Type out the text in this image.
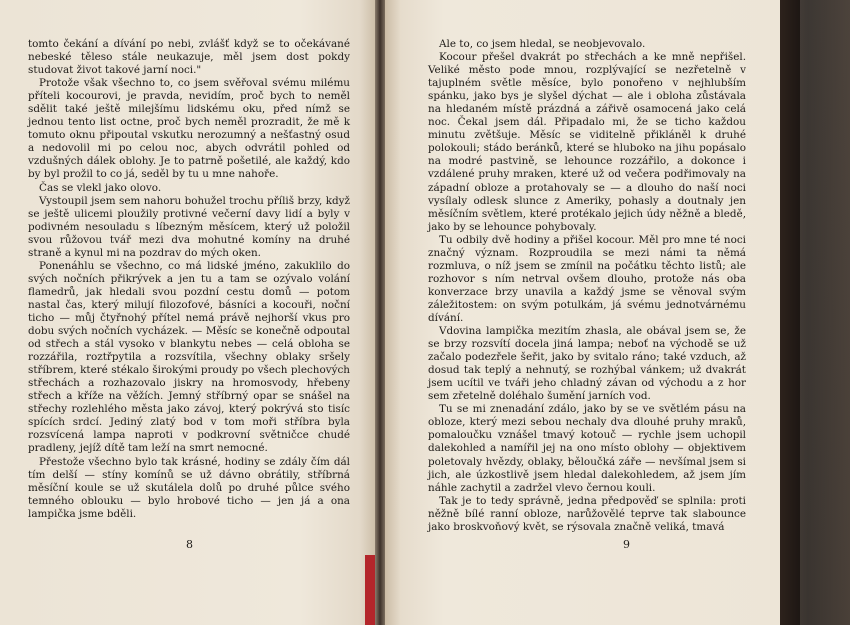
tomto čekání a dívání po nebi, zvlášť když se to očekávané nebeské těleso stále neukazuje, měl jsem dost pokdy studovat život takové jarní noci."

Protože však všechno to, co jsem svěřoval svému milému příteli kocourovi, je pravda, nevidím, proč bych to neměl sdělit také ještě milejšímu lidskému oku, před nímž se jednou tento list octne, proč bych neměl prozradit, že mě k tomuto oknu připoutal vskutku nerozumný a nešťastný osud a nedovolil mi po celou noc, abych odvrátil pohled od vzdušných dálek oblohy. Je to patrně pošetilé, ale každý, kdo by byl prožil to co já, seděl by tu u mne nahoře.

Čas se vlekl jako olovo.

Vystoupil jsem sem nahoru bohužel trochu příliš brzy, když se ještě ulicemi ploužily protivné večerní davy lidí a byly v podivném nesouladu s líbezným měsícem, který už položil svou růžovou tvář mezi dva mohutné komíny na druhé straně a kynul mi na pozdrav do mých oken.

Ponenáhlu se všechno, co má lidské jméno, zakuklilo do svých nočních přikrývek a jen tu a tam se ozývalo volání flamedrů, jak hledali svou pozdní cestu domů — potom nastal čas, který milují filozofové, básníci a kocouři, noční ticho — můj čtyřnohý přítel nemá právě nejhorší vkus pro dobu svých nočních vycházek. — Měsíc se konečně odpoutal od střech a stál vysoko v blankytu nebes — celá obloha se rozzářila, roztřpytila a rozsvítila, všechny oblaky sršely stříbrem, které stékalo širokými proudy po všech plechových střechách a rozhazovalo jiskry na hromosvody, hřebeny střech a kříže na věžích. Jemný stříbrný opar se snášel na střechy rozlehlého města jako závoj, který pokrývá sto tisíc spících srdcí. Jediný zlatý bod v tom moři stříbra byla rozsvícená lampa naproti v podkrovní světničce chudé pradleny, jejíž dítě tam leží na smrt nemocné.

Přestože všechno bylo tak krásné, hodiny se zdály čím dál tím delší — stíny komínů se už dávno obrátily, stříbrná měsíční koule se už skutálela dolů po druhé půlce svého temného oblouku — bylo hrobové ticho — jen já a ona lampička jsme bděli.

8

Ale to, co jsem hledal, se neobjevovalo.

Kocour přešel dvakrát po střechách a ke mně nepřišel. Veliké město pode mnou, rozplývající se nezřetelně v tajuplném světle měsíce, bylo ponořeno v nejhlubším spánku, jako bys je slyšel dýchat — ale i obloha zůstávala na hledaném místě prázdná a zářivě osamocená jako celá noc. Čekal jsem dál. Připadalo mi, že se ticho každou minutu zvětšuje. Měsíc se viditelně přikláněl k druhé polokouli; stádo beránků, které se hluboko na jihu popásalo na modré pastvině, se lehounce rozzářilo, a dokonce i vzdálené pruhy mraken, které už od večera podřimovaly na západní obloze a protahovaly se — a dlouho do naší noci vysílaly odlesk slunce z Ameriky, pohasly a doutnaly jen měsíčním světlem, které protékalo jejich údy něžně a bledě, jako by se lehounce pohybovaly.

Tu odbily dvě hodiny a přišel kocour. Měl pro mne té noci značný význam. Rozproudila se mezi námi ta němá rozmluva, o níž jsem se zmínil na počátku těchto listů; ale rozhovor s ním netrval ovšem dlouho, protože nás oba konverzace brzy unavila a každý jsme se věnoval svým záležitostem: on svým potulkám, já svému jednotvárnému dívání.

Vdovina lampička mezitím zhasla, ale obával jsem se, že se brzy rozsvítí docela jiná lampa; neboť na východě se už začalo podezřele šeřit, jako by svitalo ráno; také vzduch, až dosud tak teplý a nehnutý, se rozhýbal vánkem; už dvakrát jsem ucítil ve tváři jeho chladný závan od východu a z hor sem zřetelně doléhalo šumění jarních vod.

Tu se mi znenadání zdálo, jako by se ve světlém pásu na obloze, který mezi sebou nechaly dva dlouhé pruhy mraků, pomaloučku vznášel tmavý kotouč — rychle jsem uchopil dalekohled a namířil jej na ono místo oblohy — objektivem poletovaly hvězdy, oblaky, běloučká záře — nevšímal jsem si jich, ale úzkostlivě jsem hledal dalekohledem, až jsem jím náhle zachytil a zadržel vlevo černou kouli.

Tak je to tedy správně, jedna předpověď se splnila: proti něžně bílé ranní obloze, narůžovělé teprve tak slabounce jako broskvoňový květ, se rýsovala značně veliká, tmavá

9
